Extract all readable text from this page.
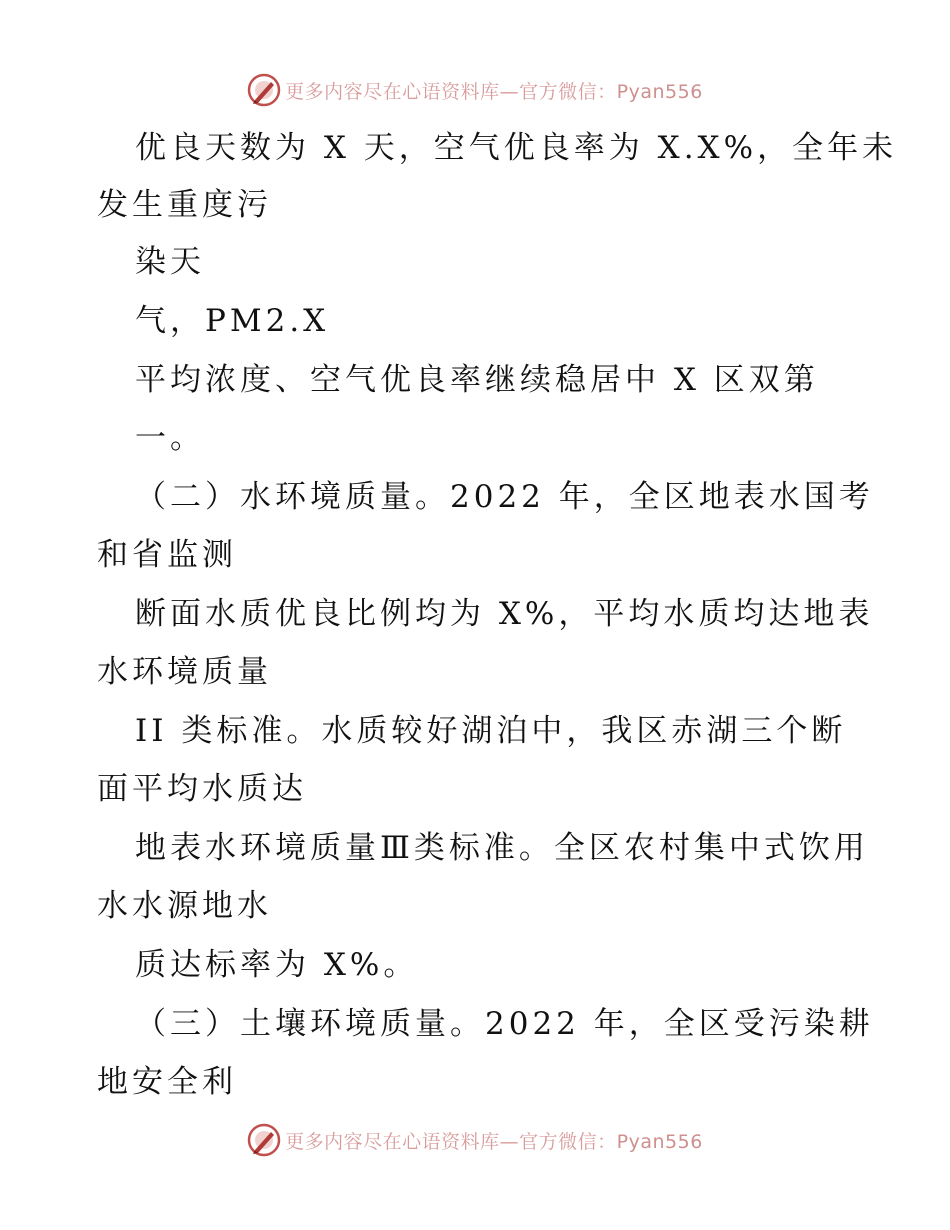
更多内容尽在心语资料库—官方微信：Pyan556
优良天数为 X 天，空气优良率为 X.X%，全年未
发生重度污
染天
气，PM2.X
平均浓度、空气优良率继续稳居中 X 区双第
一。
（二）水环境质量。2022 年，全区地表水国考
和省监测
断面水质优良比例均为 X%，平均水质均达地表
水环境质量
II 类标准。水质较好湖泊中，我区赤湖三个断
面平均水质达
地表水环境质量Ⅲ类标准。全区农村集中式饮用
水水源地水
质达标率为 X%。
（三）土壤环境质量。2022 年，全区受污染耕
地安全利
更多内容尽在心语资料库—官方微信：Pyan556
